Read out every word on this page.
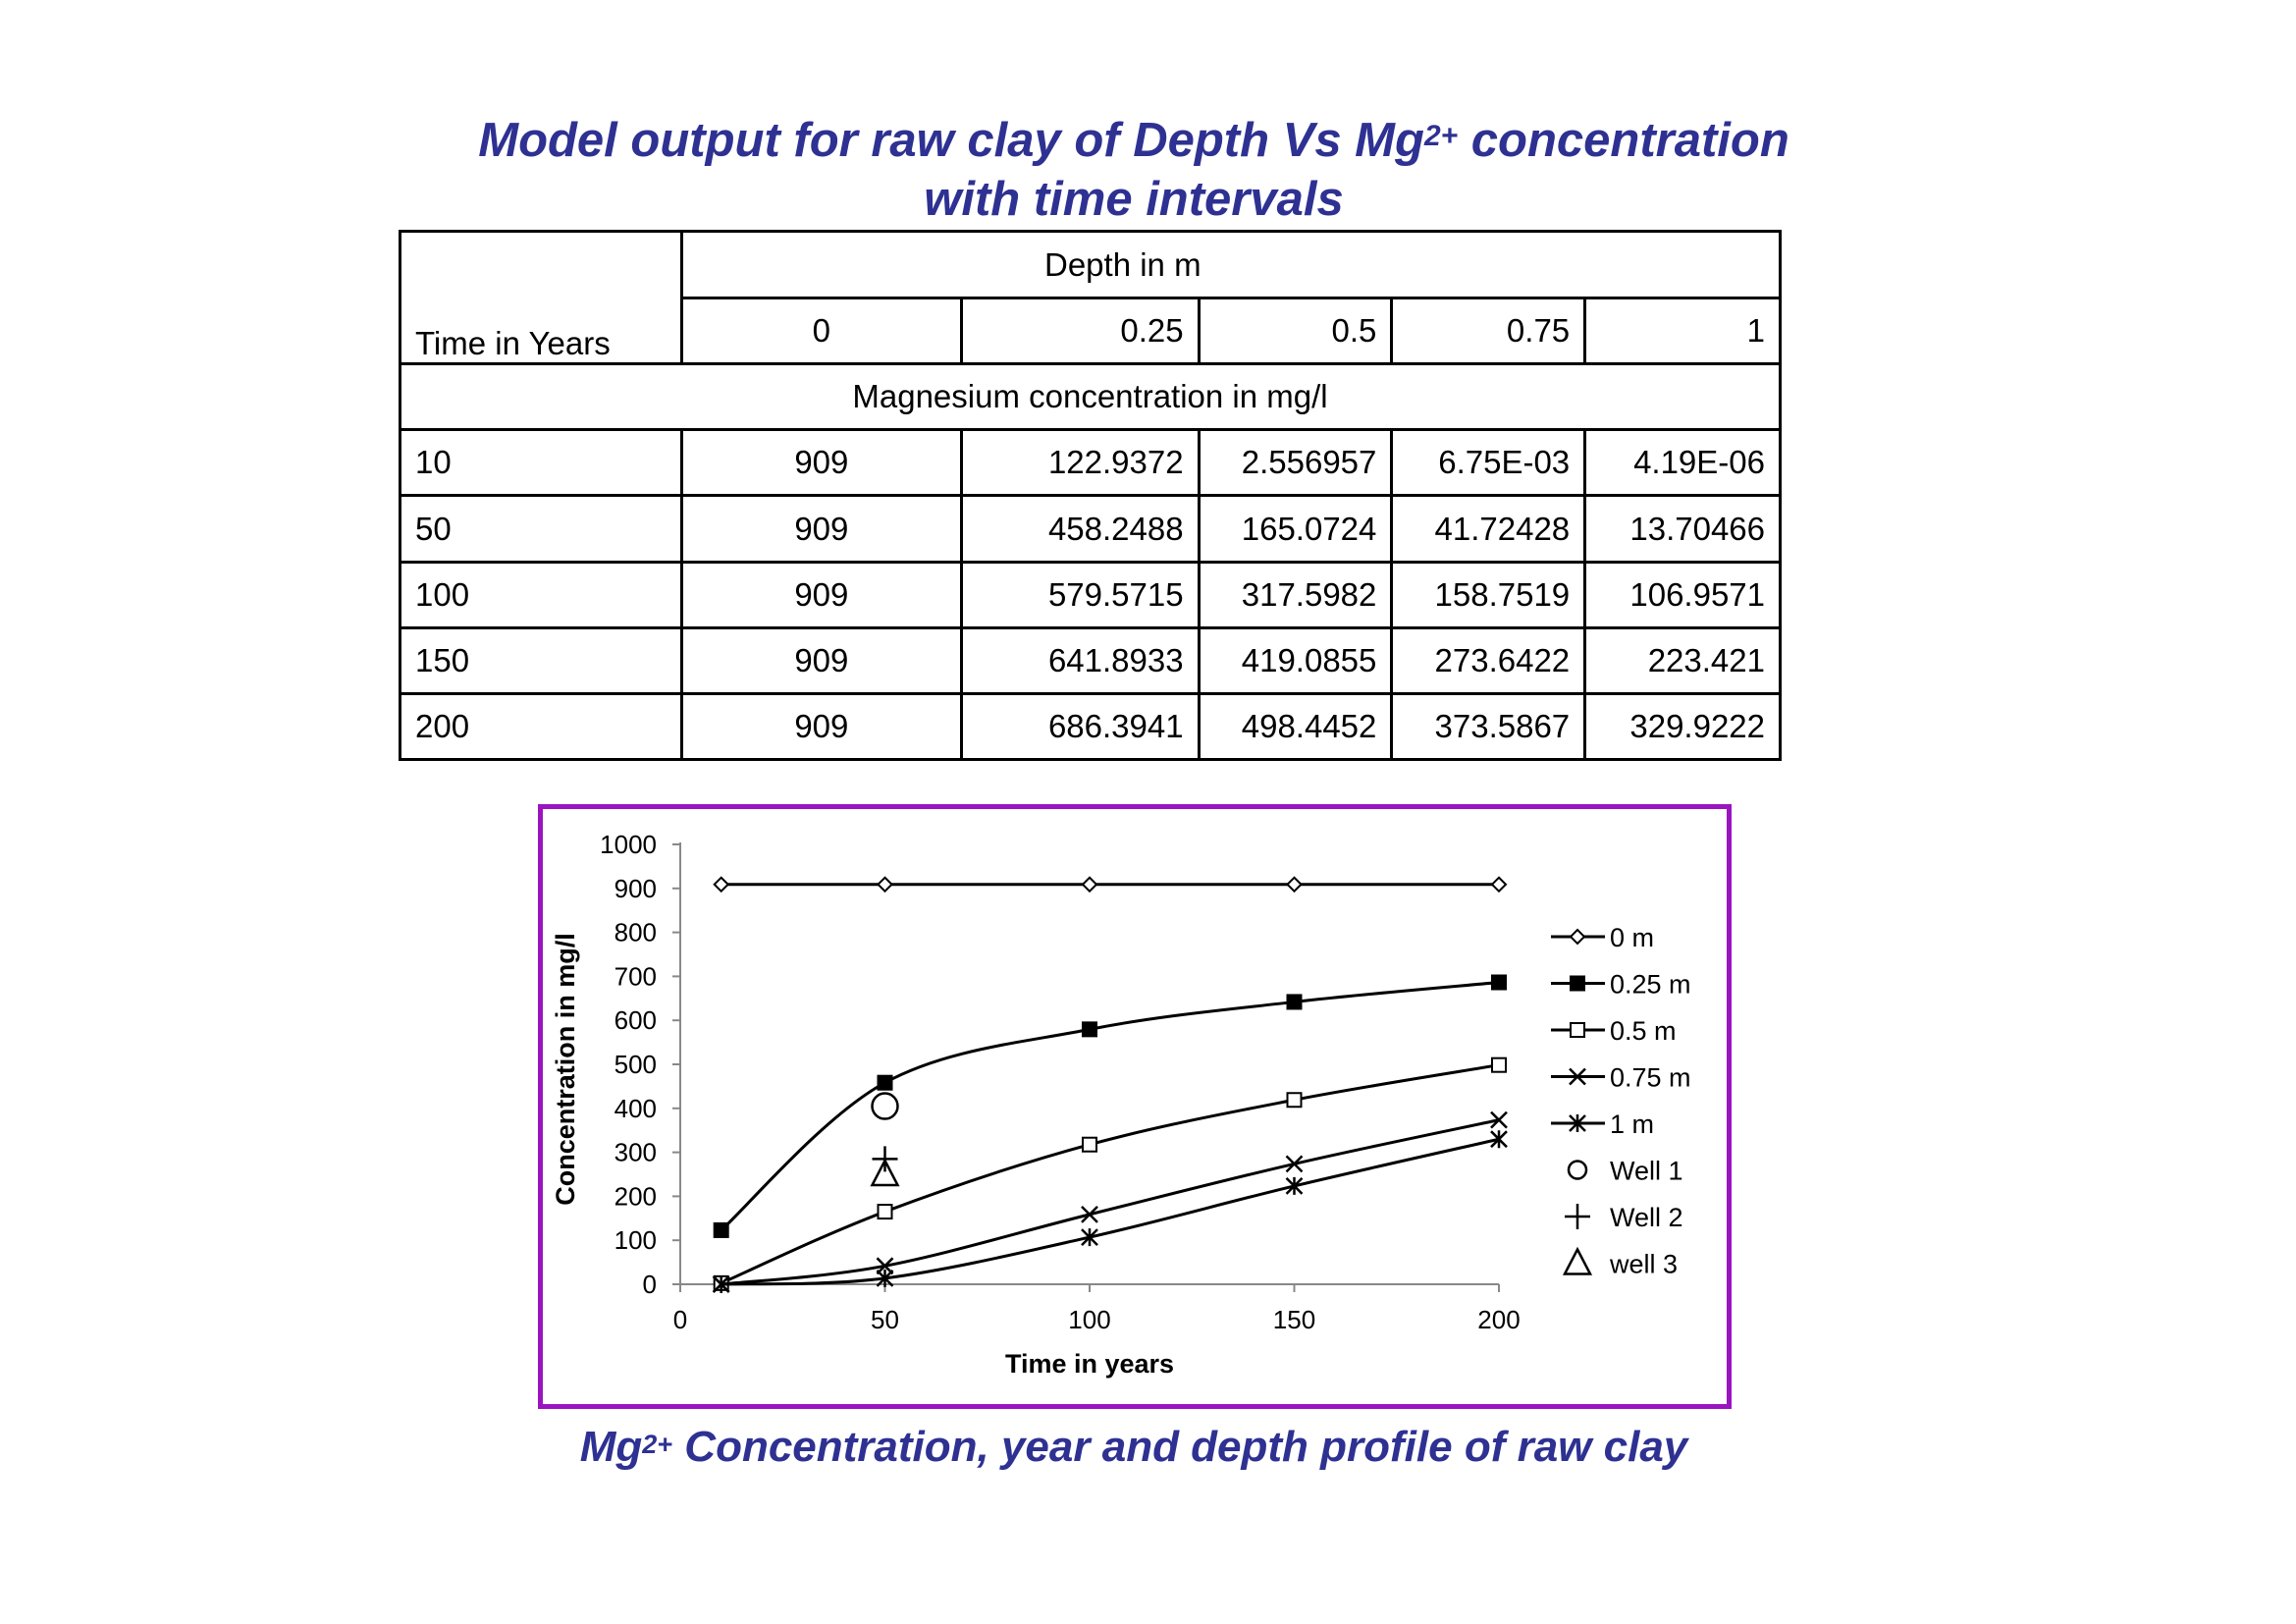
Model output for raw clay of Depth Vs $Mg^{2+}$ concentration
with time intervals
Time in Years	Depth in m				
	0	0.25	0.5	0.75	1
Magnesium concentration in mg/l					
10	909	122.9372	2.556957	6.75E-03	4.19E-06
50	909	458.2488	165.0724	41.72428	13.70466
100	909	579.5715	317.5982	158.7519	106.9571
150	909	641.8933	419.0855	273.6422	223.421
200	909	686.3941	498.4452	373.5867	329.9222
0
100
200
300
400
500
600
700
800
900
1000
0	50	100	150	200
Time in years
Concentration in mg/l	0 m
0.25 m
0.5 m
0.75 m
1 m
Well 1
Well 2
well 3
$Mg^{2+}$ Concentration, year and depth profile of raw clay
